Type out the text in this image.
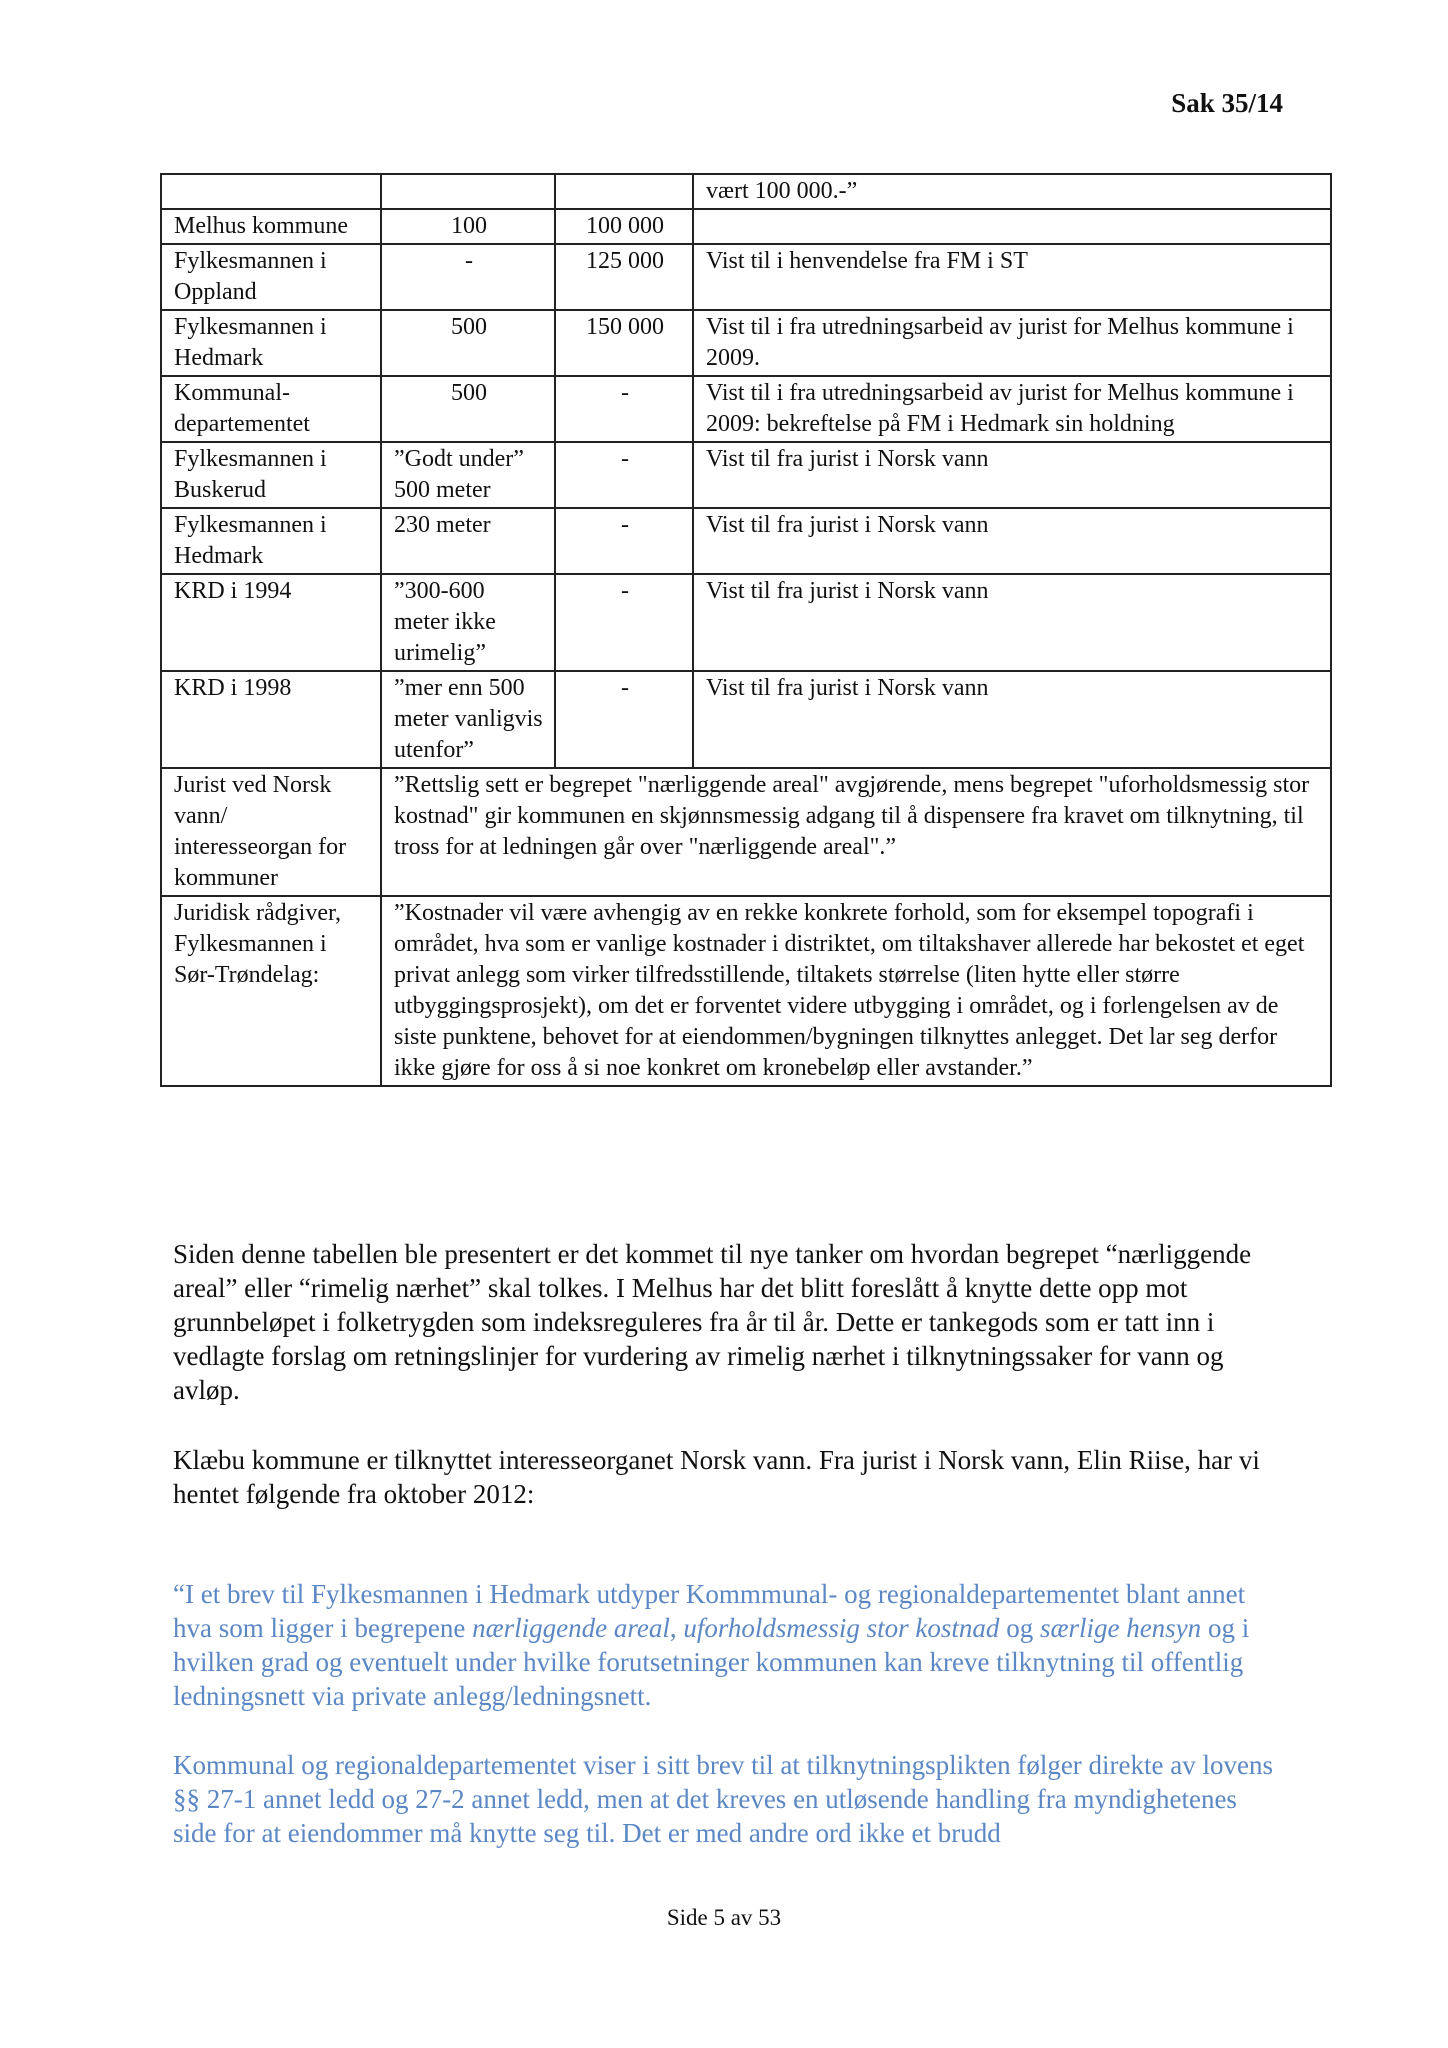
Sak 35/14
			vært 100 000.-”
Melhus kommune	100	100 000	
Fylkesmannen i Oppland	-	125 000	Vist til i henvendelse fra FM i ST
Fylkesmannen i Hedmark	500	150 000	Vist til i fra utredningsarbeid av jurist for Melhus kommune i 2009.
Kommunal-departementet	500	-	Vist til i fra utredningsarbeid av jurist for Melhus kommune i 2009: bekreftelse på FM i Hedmark sin holdning
Fylkesmannen i Buskerud	”Godt under” 500 meter	-	Vist til fra jurist i Norsk vann
Fylkesmannen i Hedmark	230 meter	-	Vist til fra jurist i Norsk vann
KRD i 1994	”300-600 meter ikke urimelig”	-	Vist til fra jurist i Norsk vann
KRD i 1998	”mer enn 500 meter vanligvis utenfor”	-	Vist til fra jurist i Norsk vann
Jurist ved Norsk vann/ interesseorgan for kommuner	”Rettslig sett er begrepet "nærliggende areal" avgjørende, mens begrepet "uforholdsmessig stor kostnad" gir kommunen en skjønnsmessig adgang til å dispensere fra kravet om tilknytning, til tross for at ledningen går over "nærliggende areal".”		
Juridisk rådgiver, Fylkesmannen i Sør-Trøndelag:	”Kostnader vil være avhengig av en rekke konkrete forhold, som for eksempel topografi i området, hva som er vanlige kostnader i distriktet, om tiltakshaver allerede har bekostet et eget privat anlegg som virker tilfredsstillende, tiltakets størrelse (liten hytte eller større utbyggingsprosjekt), om det er forventet videre utbygging i området, og i forlengelsen av de siste punktene, behovet for at eiendommen/bygningen tilknyttes anlegget. Det lar seg derfor ikke gjøre for oss å si noe konkret om kronebeløp eller avstander.”		

Siden denne tabellen ble presentert er det kommet til nye tanker om hvordan begrepet “nærliggende areal” eller “rimelig nærhet” skal tolkes. I Melhus har det blitt foreslått å knytte dette opp mot grunnbeløpet i folketrygden som indeksreguleres fra år til år. Dette er tankegods som er tatt inn i vedlagte forslag om retningslinjer for vurdering av rimelig nærhet i tilknytningssaker for vann og avløp.

Klæbu kommune er tilknyttet interesseorganet Norsk vann. Fra jurist i Norsk vann, Elin Riise, har vi hentet følgende fra oktober 2012:

“I et brev til Fylkesmannen i Hedmark utdyper Kommmunal- og regionaldepartementet blant annet hva som ligger i begrepene nærliggende areal, uforholdsmessig stor kostnad og særlige hensyn og i hvilken grad og eventuelt under hvilke forutsetninger kommunen kan kreve tilknytning til offentlig ledningsnett via private anlegg/ledningsnett.

Kommunal og regionaldepartementet viser i sitt brev til at tilknytningsplikten følger direkte av lovens §§ 27-1 annet ledd og 27-2 annet ledd, men at det kreves en utløsende handling fra myndighetenes side for at eiendommer må knytte seg til. Det er med andre ord ikke et brudd

Side 5 av 53
